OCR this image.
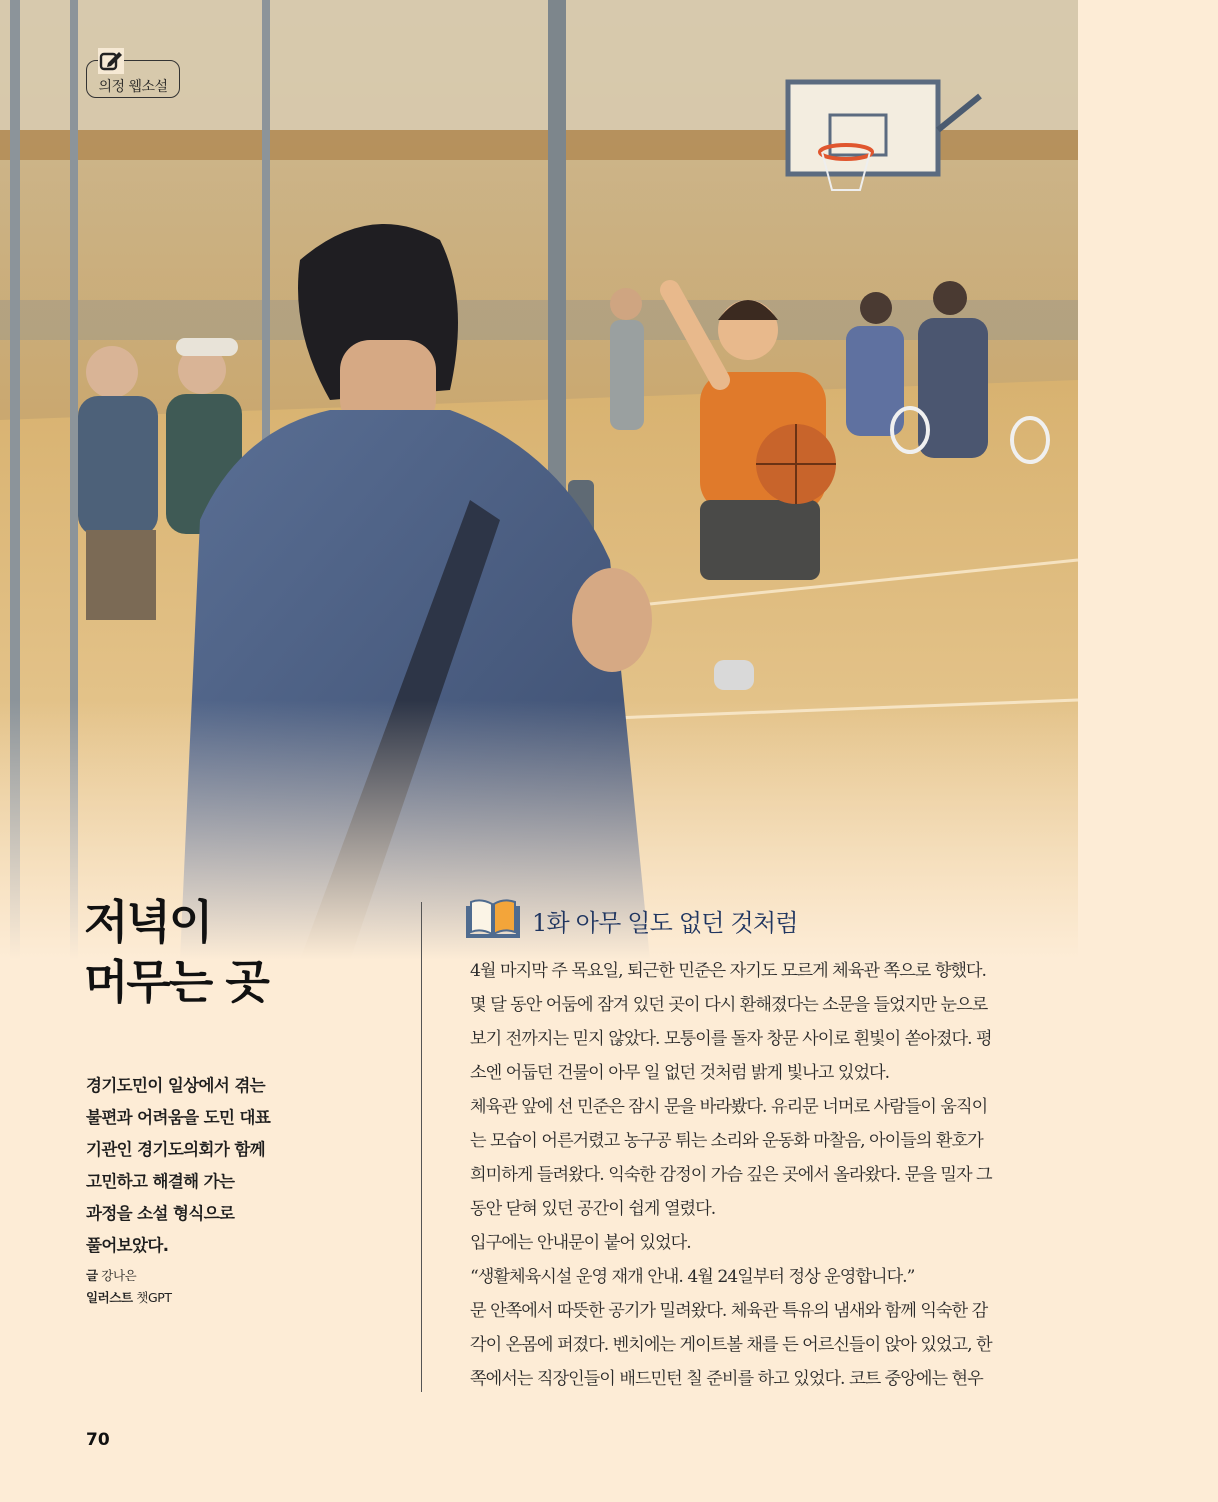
의정 웹소설
저녁이
머무는 곳
경기도민이 일상에서 겪는
불편과 어려움을 도민 대표
기관인 경기도의회가 함께
고민하고 해결해 가는
과정을 소설 형식으로
풀어보았다.
글 강나은
일러스트 챗GPT
1화 아무 일도 없던 것처럼
4월 마지막 주 목요일, 퇴근한 민준은 자기도 모르게 체육관 쪽으로 향했다.
몇 달 동안 어둠에 잠겨 있던 곳이 다시 환해졌다는 소문을 들었지만 눈으로
보기 전까지는 믿지 않았다. 모퉁이를 돌자 창문 사이로 흰빛이 쏟아졌다. 평
소엔 어둡던 건물이 아무 일 없던 것처럼 밝게 빛나고 있었다.
체육관 앞에 선 민준은 잠시 문을 바라봤다. 유리문 너머로 사람들이 움직이
는 모습이 어른거렸고 농구공 튀는 소리와 운동화 마찰음, 아이들의 환호가
희미하게 들려왔다. 익숙한 감정이 가슴 깊은 곳에서 올라왔다. 문을 밀자 그
동안 닫혀 있던 공간이 쉽게 열렸다.
입구에는 안내문이 붙어 있었다.
“생활체육시설 운영 재개 안내. 4월 24일부터 정상 운영합니다.”
문 안쪽에서 따뜻한 공기가 밀려왔다. 체육관 특유의 냄새와 함께 익숙한 감
각이 온몸에 퍼졌다. 벤치에는 게이트볼 채를 든 어르신들이 앉아 있었고, 한
쪽에서는 직장인들이 배드민턴 칠 준비를 하고 있었다. 코트 중앙에는 현우
70
